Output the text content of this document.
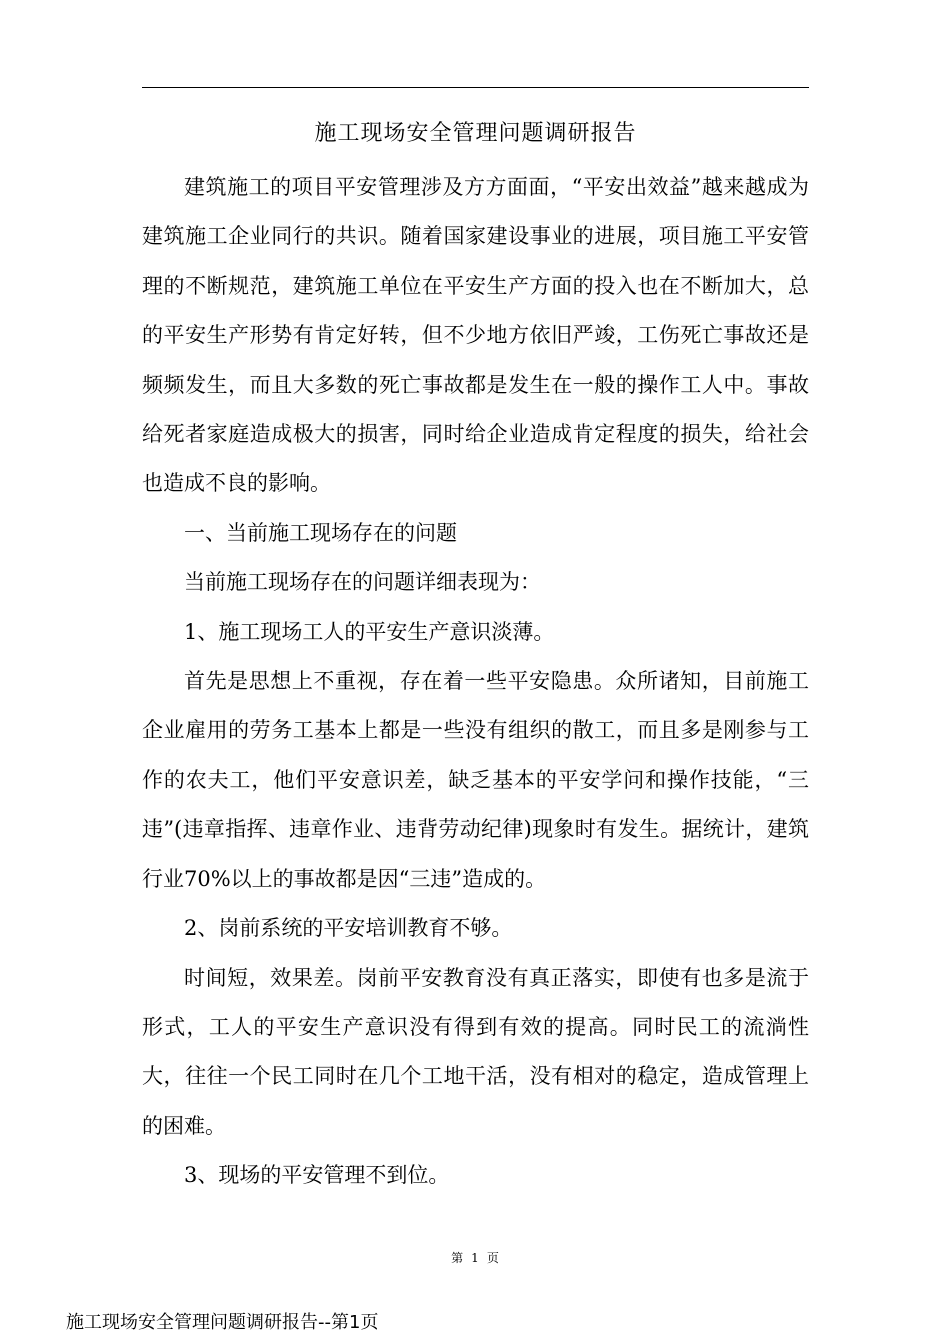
施工现场安全管理问题调研报告

建筑施工的项目平安管理涉及方方面面，“平安出效益”越来越成为建筑施工企业同行的共识。随着国家建设事业的进展，项目施工平安管理的不断规范，建筑施工单位在平安生产方面的投入也在不断加大，总的平安生产形势有肯定好转，但不少地方依旧严竣，工伤死亡事故还是频频发生，而且大多数的死亡事故都是发生在一般的操作工人中。事故给死者家庭造成极大的损害，同时给企业造成肯定程度的损失，给社会也造成不良的影响。

一、当前施工现场存在的问题

当前施工现场存在的问题详细表现为：

1、施工现场工人的平安生产意识淡薄。

首先是思想上不重视，存在着一些平安隐患。众所诸知，目前施工企业雇用的劳务工基本上都是一些没有组织的散工，而且多是刚参与工作的农夫工，他们平安意识差，缺乏基本的平安学问和操作技能，“三违”(违章指挥、违章作业、违背劳动纪律)现象时有发生。据统计，建筑行业70%以上的事故都是因“三违”造成的。

2、岗前系统的平安培训教育不够。

时间短，效果差。岗前平安教育没有真正落实，即使有也多是流于形式，工人的平安生产意识没有得到有效的提高。同时民工的流淌性大，往往一个民工同时在几个工地干活，没有相对的稳定，造成管理上的困难。

3、现场的平安管理不到位。

第 1 页
施工现场安全管理问题调研报告--第1页
